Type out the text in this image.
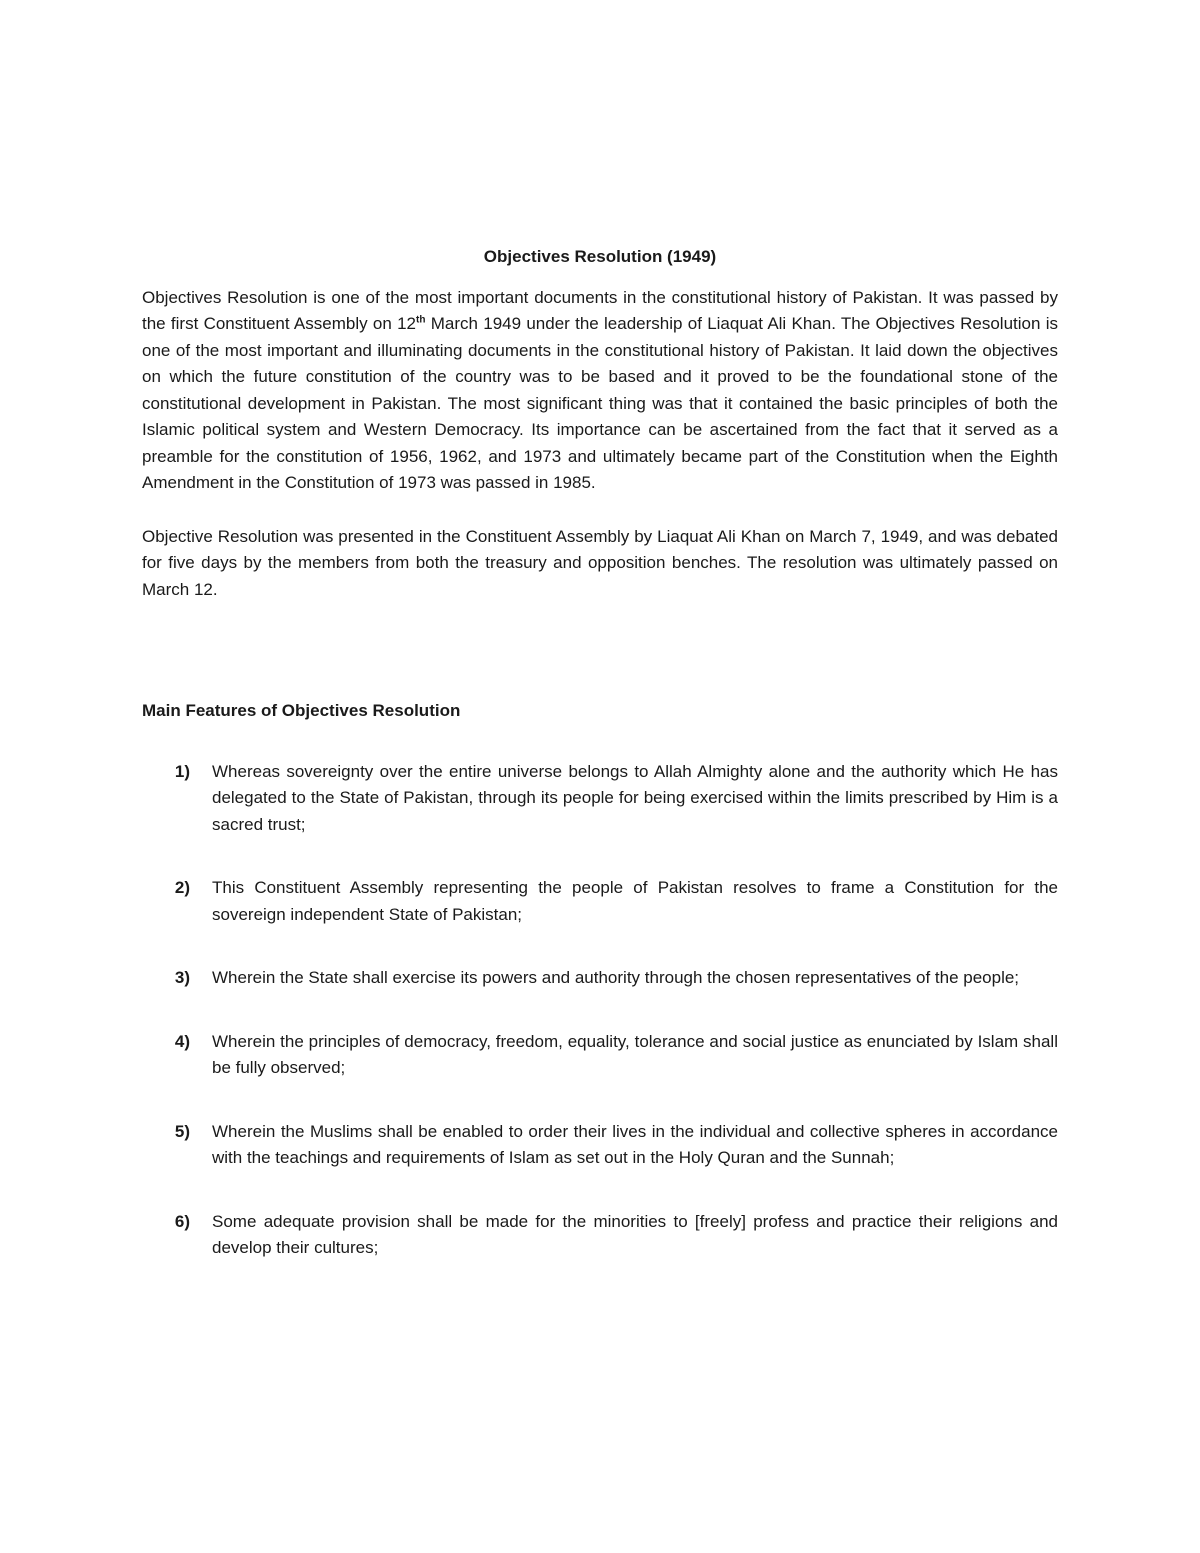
Objectives Resolution (1949)

Objectives Resolution is one of the most important documents in the constitutional history of Pakistan. It was passed by the first Constituent Assembly on 12th March 1949 under the leadership of Liaquat Ali Khan. The Objectives Resolution is one of the most important and illuminating documents in the constitutional history of Pakistan. It laid down the objectives on which the future constitution of the country was to be based and it proved to be the foundational stone of the constitutional development in Pakistan. The most significant thing was that it contained the basic principles of both the Islamic political system and Western Democracy. Its importance can be ascertained from the fact that it served as a preamble for the constitution of 1956, 1962, and 1973 and ultimately became part of the Constitution when the Eighth Amendment in the Constitution of 1973 was passed in 1985.

Objective Resolution was presented in the Constituent Assembly by Liaquat Ali Khan on March 7, 1949, and was debated for five days by the members from both the treasury and opposition benches. The resolution was ultimately passed on March 12.

Main Features of Objectives Resolution
1) Whereas sovereignty over the entire universe belongs to Allah Almighty alone and the authority which He has delegated to the State of Pakistan, through its people for being exercised within the limits prescribed by Him is a sacred trust;
2) This Constituent Assembly representing the people of Pakistan resolves to frame a Constitution for the sovereign independent State of Pakistan;
3) Wherein the State shall exercise its powers and authority through the chosen representatives of the people;
4) Wherein the principles of democracy, freedom, equality, tolerance and social justice as enunciated by Islam shall be fully observed;
5) Wherein the Muslims shall be enabled to order their lives in the individual and collective spheres in accordance with the teachings and requirements of Islam as set out in the Holy Quran and the Sunnah;
6) Some adequate provision shall be made for the minorities to [freely] profess and practice their religions and develop their cultures;
